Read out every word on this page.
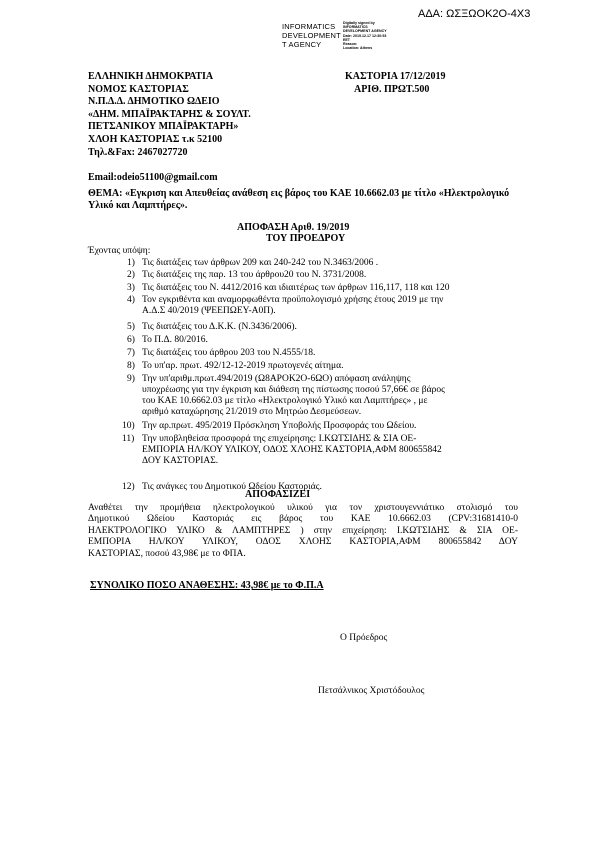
ΑΔΑ: ΩΣΞΩΟΚ2Ο-4Χ3
INFORMATICS
DEVELOPMENT
T AGENCY
Digitally signed by
INFORMATICS
DEVELOPMENT AGENCY
Date: 2019.12.17 12:30:53
EET
Reason:
Location: Athens
ΕΛΛΗΝΙΚΗ ΔΗΜΟΚΡΑΤΙΑ
ΝΟΜΟΣ ΚΑΣΤΟΡΙΑΣ
Ν.Π.Δ.Δ. ΔΗΜΟΤΙΚΟ ΩΔΕΙΟ
«ΔΗΜ. ΜΠΑΪΡΑΚΤΑΡΗΣ & ΣΟΥΛΤ.
ΠΕΤΣΑΝΙΚΟΥ ΜΠΑΪΡΑΚΤΑΡΗ»
ΧΛΟΗ ΚΑΣΤΟΡΙΑΣ τ.κ 52100
Τηλ.&Fax: 2467027720
Email:odeio51100@gmail.com
ΚΑΣΤΟΡΙΑ 17/12/2019
ΑΡΙΘ. ΠΡΩΤ.500
ΘΕΜΑ: «Εγκριση και Απευθείας ανάθεση εις βάρος του ΚΑΕ 10.6662.03 με τίτλο «Ηλεκτρολογικό Υλικό και Λαμπτήρες».
ΑΠΟΦΑΣΗ Αριθ. 19/2019
ΤΟΥ ΠΡΟΕΔΡΟΥ
Έχοντας υπόψη:
1) Τις διατάξεις των άρθρων 209 και 240-242 του Ν.3463/2006 .
2) Τις διατάξεις της παρ. 13 του άρθρου20 του Ν. 3731/2008.
3) Τις διατάξεις του Ν. 4412/2016 και ιδιαιτέρως των άρθρων 116,117, 118 και 120
4) Τον εγκριθέντα και αναμορφωθέντα προϋπολογισμό χρήσης έτους 2019 με την
Α.Δ.Σ 40/2019 (ΨΕΕΠΩΕΥ-Α0Π).
5) Τις διατάξεις του Δ.Κ.Κ. (Ν.3436/2006).
6) Το Π.Δ. 80/2016.
7) Τις διατάξεις του άρθρου 203 του Ν.4555/18.
8) Το υπ'αρ. πρωτ. 492/12-12-2019 πρωτογενές αίτημα.
9) Την υπ'αριθμ.πρωτ.494/2019 (Ω8ΑΡΟΚ2Ο-6ΩΟ) απόφαση ανάληψης
υποχρέωσης για την έγκριση και διάθεση της πίστωσης ποσού 57,66€ σε βάρος
του ΚΑΕ 10.6662.03 με τίτλο «Ηλεκτρολογικό Υλικό και Λαμπτήρες» , με
αριθμό καταχώρησης 21/2019 στο Μητρώο Δεσμεύσεων.
10) Την αρ.πρωτ. 495/2019 Πρόσκληση Υποβολής Προσφοράς του Ωδείου.
11) Την υποβληθείσα προσφορά της επιχείρησης: Ι.ΚΩΤΣΙΔΗΣ & ΣΙΑ ΟΕ-
ΕΜΠΟΡΙΑ ΗΛ/ΚΟΥ ΥΛΙΚΟΥ, ΟΔΟΣ ΧΛΟΗΣ ΚΑΣΤΟΡΙΑ,ΑΦΜ 800655842
ΔΟΥ ΚΑΣΤΟΡΙΑΣ.
12) Τις ανάγκες του Δημοτικού Ωδείου Καστοριάς.
ΑΠΟΦΑΣΙΖΕΙ
Αναθέτει την προμήθεια ηλεκτρολογικού υλικού για τον χριστουγεννιάτικο στολισμό του
Δημοτικού Ωδείου Καστοριάς εις βάρος του ΚΑΕ 10.6662.03 (CPV:31681410-0
ΗΛΕΚΤΡΟΛΟΓΙΚΟ ΥΛΙΚΟ & ΛΑΜΠΤΗΡΕΣ ) στην επιχείρηση: Ι.ΚΩΤΣΙΔΗΣ & ΣΙΑ ΟΕ-
ΕΜΠΟΡΙΑ ΗΛ/ΚΟΥ ΥΛΙΚΟΥ, ΟΔΟΣ ΧΛΟΗΣ ΚΑΣΤΟΡΙΑ,ΑΦΜ 800655842 ΔΟΥ
ΚΑΣΤΟΡΙΑΣ, ποσού 43,98€ με το ΦΠΑ.
ΣΥΝΟΛΙΚΟ ΠΟΣΟ ΑΝΑΘΕΣΗΣ: 43,98€ με το Φ.Π.Α
Ο Πρόεδρος
Πετσάλνικος Χριστόδουλος
